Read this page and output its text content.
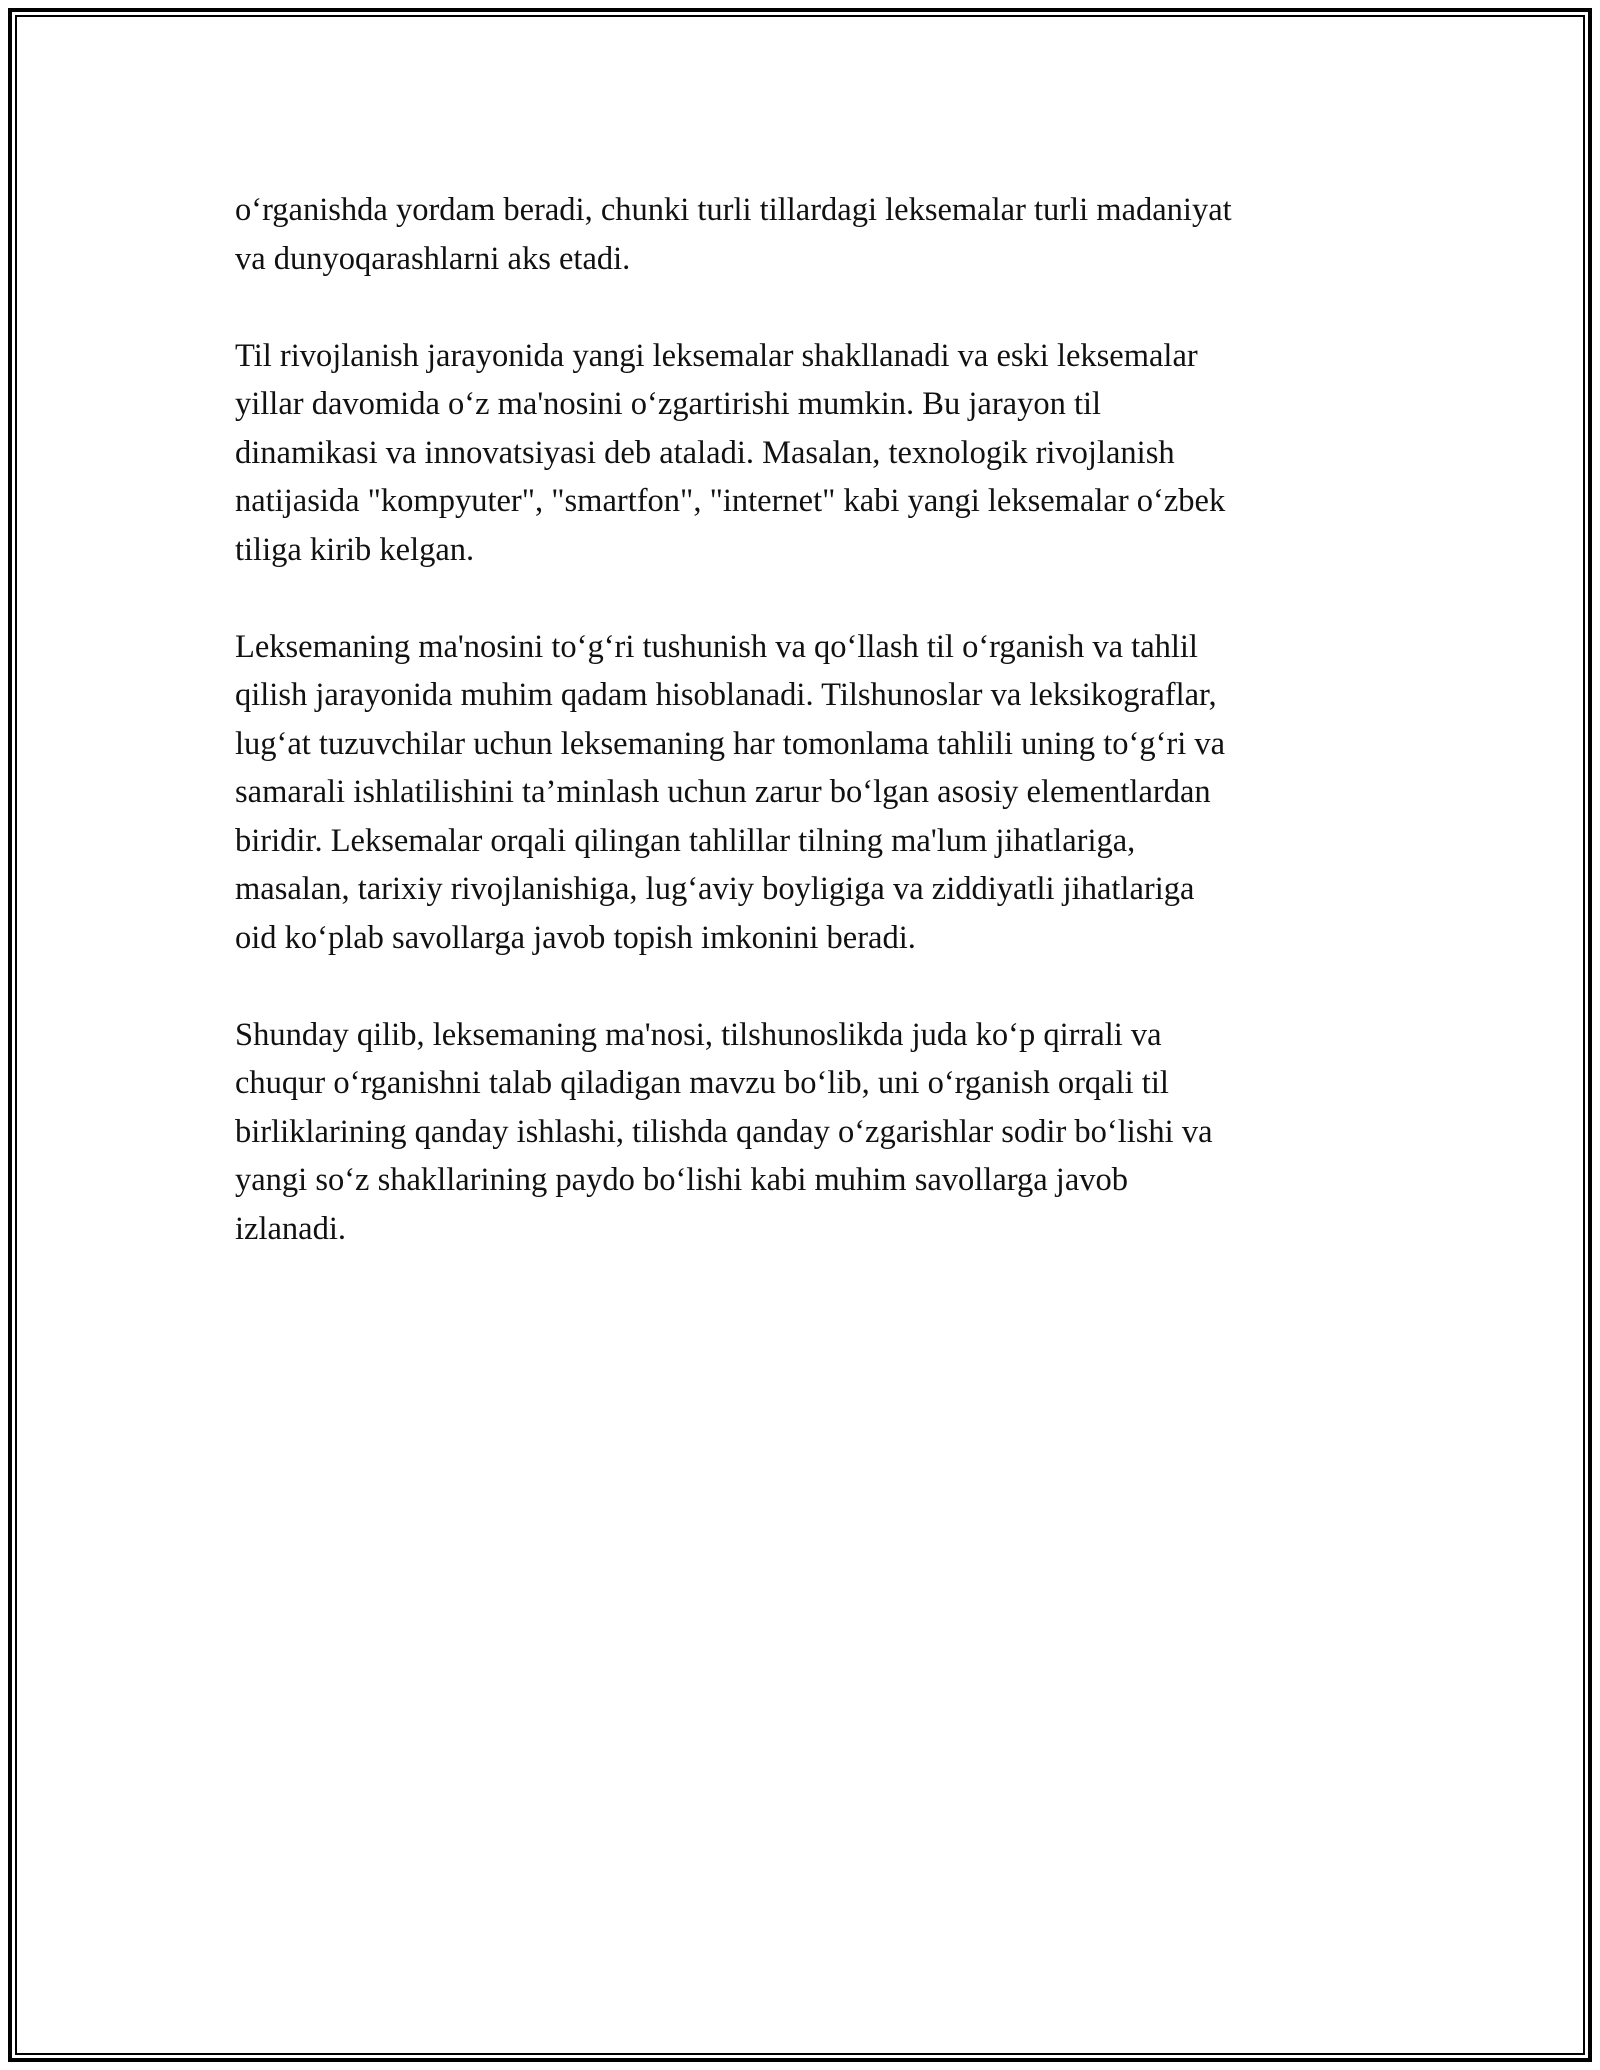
o‘rganishda yordam beradi, chunki turli tillardagi leksemalar turli madaniyat
va dunyoqarashlarni aks etadi.

Til rivojlanish jarayonida yangi leksemalar shakllanadi va eski leksemalar
yillar davomida o‘z ma'nosini o‘zgartirishi mumkin. Bu jarayon til
dinamikasi va innovatsiyasi deb ataladi. Masalan, texnologik rivojlanish
natijasida "kompyuter", "smartfon", "internet" kabi yangi leksemalar o‘zbek
tiliga kirib kelgan.

Leksemaning ma'nosini to‘g‘ri tushunish va qo‘llash til o‘rganish va tahlil
qilish jarayonida muhim qadam hisoblanadi. Tilshunoslar va leksikograflar,
lug‘at tuzuvchilar uchun leksemaning har tomonlama tahlili uning to‘g‘ri va
samarali ishlatilishini ta’minlash uchun zarur bo‘lgan asosiy elementlardan
biridir. Leksemalar orqali qilingan tahlillar tilning ma'lum jihatlariga,
masalan, tarixiy rivojlanishiga, lug‘aviy boyligiga va ziddiyatli jihatlariga
oid ko‘plab savollarga javob topish imkonini beradi.

Shunday qilib, leksemaning ma'nosi, tilshunoslikda juda ko‘p qirrali va
chuqur o‘rganishni talab qiladigan mavzu bo‘lib, uni o‘rganish orqali til
birliklarining qanday ishlashi, tilishda qanday o‘zgarishlar sodir bo‘lishi va
yangi so‘z shakllarining paydo bo‘lishi kabi muhim savollarga javob
izlanadi.
